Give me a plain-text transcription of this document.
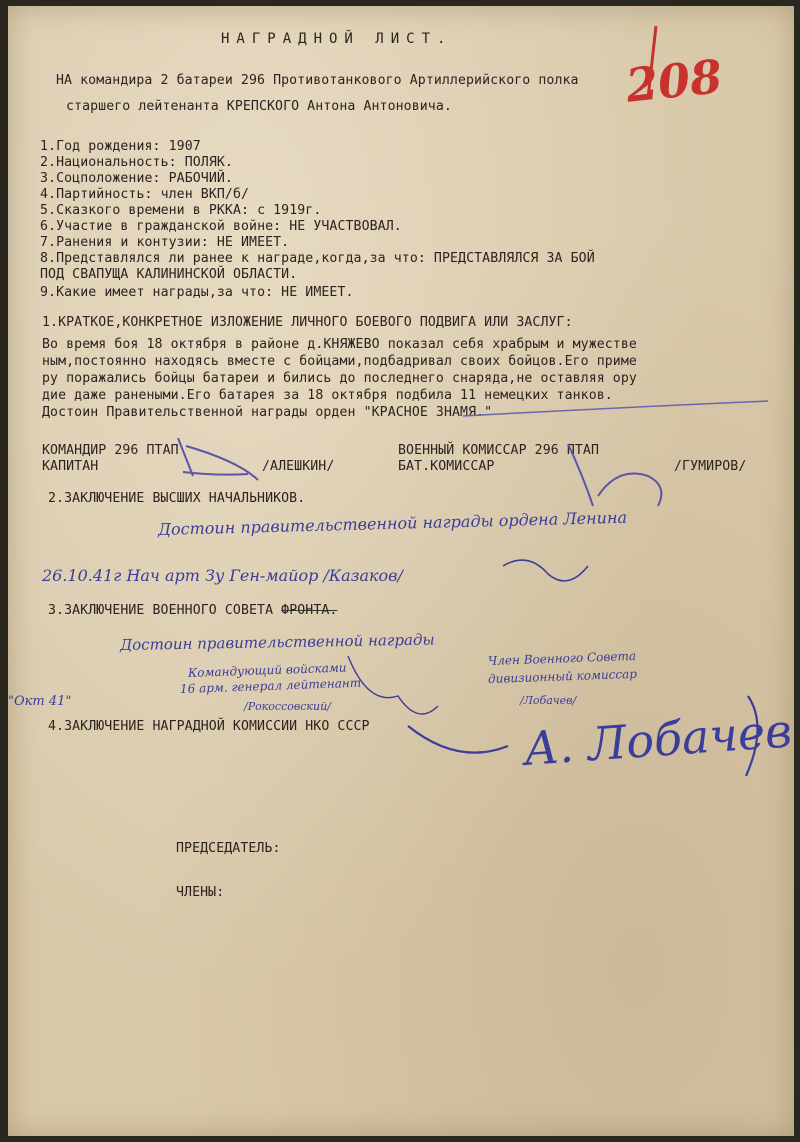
НАГРАДНОЙ ЛИСТ.
208
НА командира 2 батареи 296 Противотанкового Артиллерийского полка
старшего лейтенанта КРЕПСКОГО Антона Антоновича.
1.Год рождения: 1907
2.Национальность: ПОЛЯК.
3.Соцположение: РАБОЧИЙ.
4.Партийность: член ВКП/б/
5.Сказкого времени в РККА: с 1919г.
6.Участие в гражданской войне: НЕ УЧАСТВОВАЛ.
7.Ранения и контузии: НЕ ИМЕЕТ.
8.Представлялся ли ранее к награде,когда,за что: ПРЕДСТАВЛЯЛСЯ ЗА БОЙ
ПОД СВАПУЩА КАЛИНИНСКОЙ ОБЛАСТИ.
9.Какие имеет награды,за что: НЕ ИМЕЕТ.
1.КРАТКОЕ,КОНКРЕТНОЕ ИЗЛОЖЕНИЕ ЛИЧНОГО БОЕВОГО ПОДВИГА ИЛИ ЗАСЛУГ:
Во время боя 18 октября в районе д.КНЯЖЕВО показал себя храбрым и мужестве
ным,постоянно находясь вместе с бойцами,подбадривал своих бойцов.Его приме
ру поражались бойцы батареи и бились до последнего снаряда,не оставляя ору
дие даже ранеными.Его батарея за 18 октября подбила 11 немецких танков.
Достоин Правительственной награды орден "КРАСНОЕ ЗНАМЯ."
КОМАНДИР 296 ПТАП
КАПИТАН	/АЛЕШКИН/
ВОЕННЫЙ КОМИССАР 296 ПТАП
БАТ.КОМИССАР	/ГУМИРОВ/
2.ЗАКЛЮЧЕНИЕ ВЫСШИХ НАЧАЛЬНИКОВ.
Достоин правительственной награды ордена Ленина
26.10.41г Нач арт Зу Ген-майор /Казаков/
3.ЗАКЛЮЧЕНИЕ ВОЕННОГО СОВЕТА ФРОНТА.
Достоин правительственной награды
Командующий войсками
16 арм. генерал лейтенант
/Рокоссовский/
Член Военного Совета
дивизионный комиссар
/Лобачев/
"Окт 41"
4.ЗАКЛЮЧЕНИЕ НАГРАДНОЙ КОМИССИИ НКО СССР	А. Лобачев
ПРЕДСЕДАТЕЛЬ:
ЧЛЕНЫ:
